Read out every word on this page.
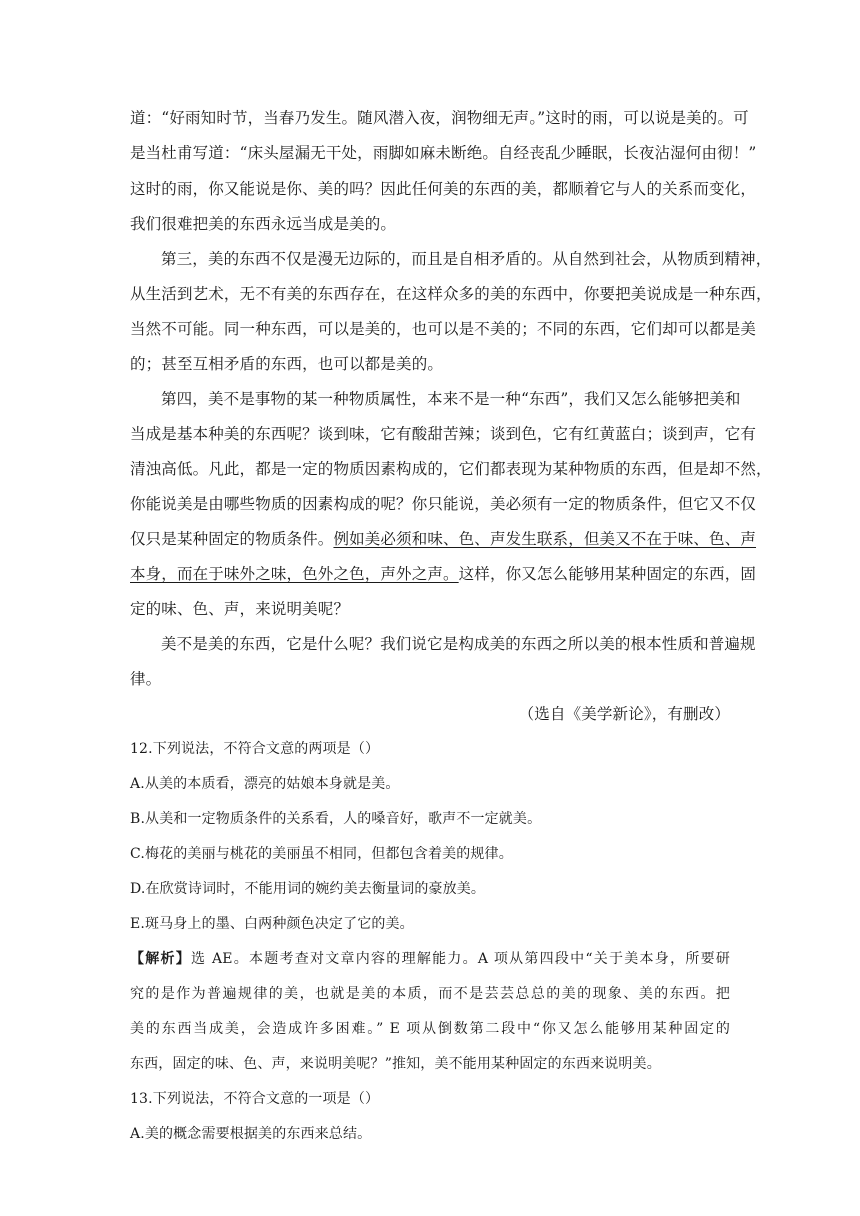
道：“好雨知时节，当春乃发生。随风潜入夜，润物细无声。”这时的雨，可以说是美的。可
是当杜甫写道：“床头屋漏无干处，雨脚如麻未断绝。自经丧乱少睡眠，长夜沾湿何由彻！”
这时的雨，你又能说是你、美的吗？因此任何美的东西的美，都顺着它与人的关系而变化，
我们很难把美的东西永远当成是美的。
第三，美的东西不仅是漫无边际的，而且是自相矛盾的。从自然到社会，从物质到精神，
从生活到艺术，无不有美的东西存在，在这样众多的美的东西中，你要把美说成是一种东西，
当然不可能。同一种东西，可以是美的，也可以是不美的；不同的东西，它们却可以都是美
的；甚至互相矛盾的东西，也可以都是美的。
第四，美不是事物的某一种物质属性，本来不是一种“东西”，我们又怎么能够把美和
当成是基本种美的东西呢？谈到味，它有酸甜苦辣；谈到色，它有红黄蓝白；谈到声，它有
清浊高低。凡此，都是一定的物质因素构成的，它们都表现为某种物质的东西，但是却不然，
你能说美是由哪些物质的因素构成的呢？你只能说，美必须有一定的物质条件，但它又不仅
仅只是某种固定的物质条件。例如美必须和味、色、声发生联系，但美又不在于味、色、声
本身，而在于味外之味，色外之色，声外之声。这样，你又怎么能够用某种固定的东西，固
定的味、色、声，来说明美呢？
美不是美的东西，它是什么呢？我们说它是构成美的东西之所以美的根本性质和普遍规
律。
（选自《美学新论》，有删改）
12.下列说法，不符合文意的两项是（）
A.从美的本质看，漂亮的姑娘本身就是美。
B.从美和一定物质条件的关系看，人的嗓音好，歌声不一定就美。
C.梅花的美丽与桃花的美丽虽不相同，但都包含着美的规律。
D.在欣赏诗词时，不能用词的婉约美去衡量词的豪放美。
E.斑马身上的墨、白两种颜色决定了它的美。
【解析】选 AE。本题考查对文章内容的理解能力。A 项从第四段中“关于美本身，所要研
究的是作为普遍规律的美，也就是美的本质，而不是芸芸总总的美的现象、美的东西。把
美的东西当成美，会造成许多困难。” E 项从倒数第二段中“你又怎么能够用某种固定的
东西，固定的味、色、声，来说明美呢？”推知，美不能用某种固定的东西来说明美。
13.下列说法，不符合文意的一项是（）
A.美的概念需要根据美的东西来总结。
